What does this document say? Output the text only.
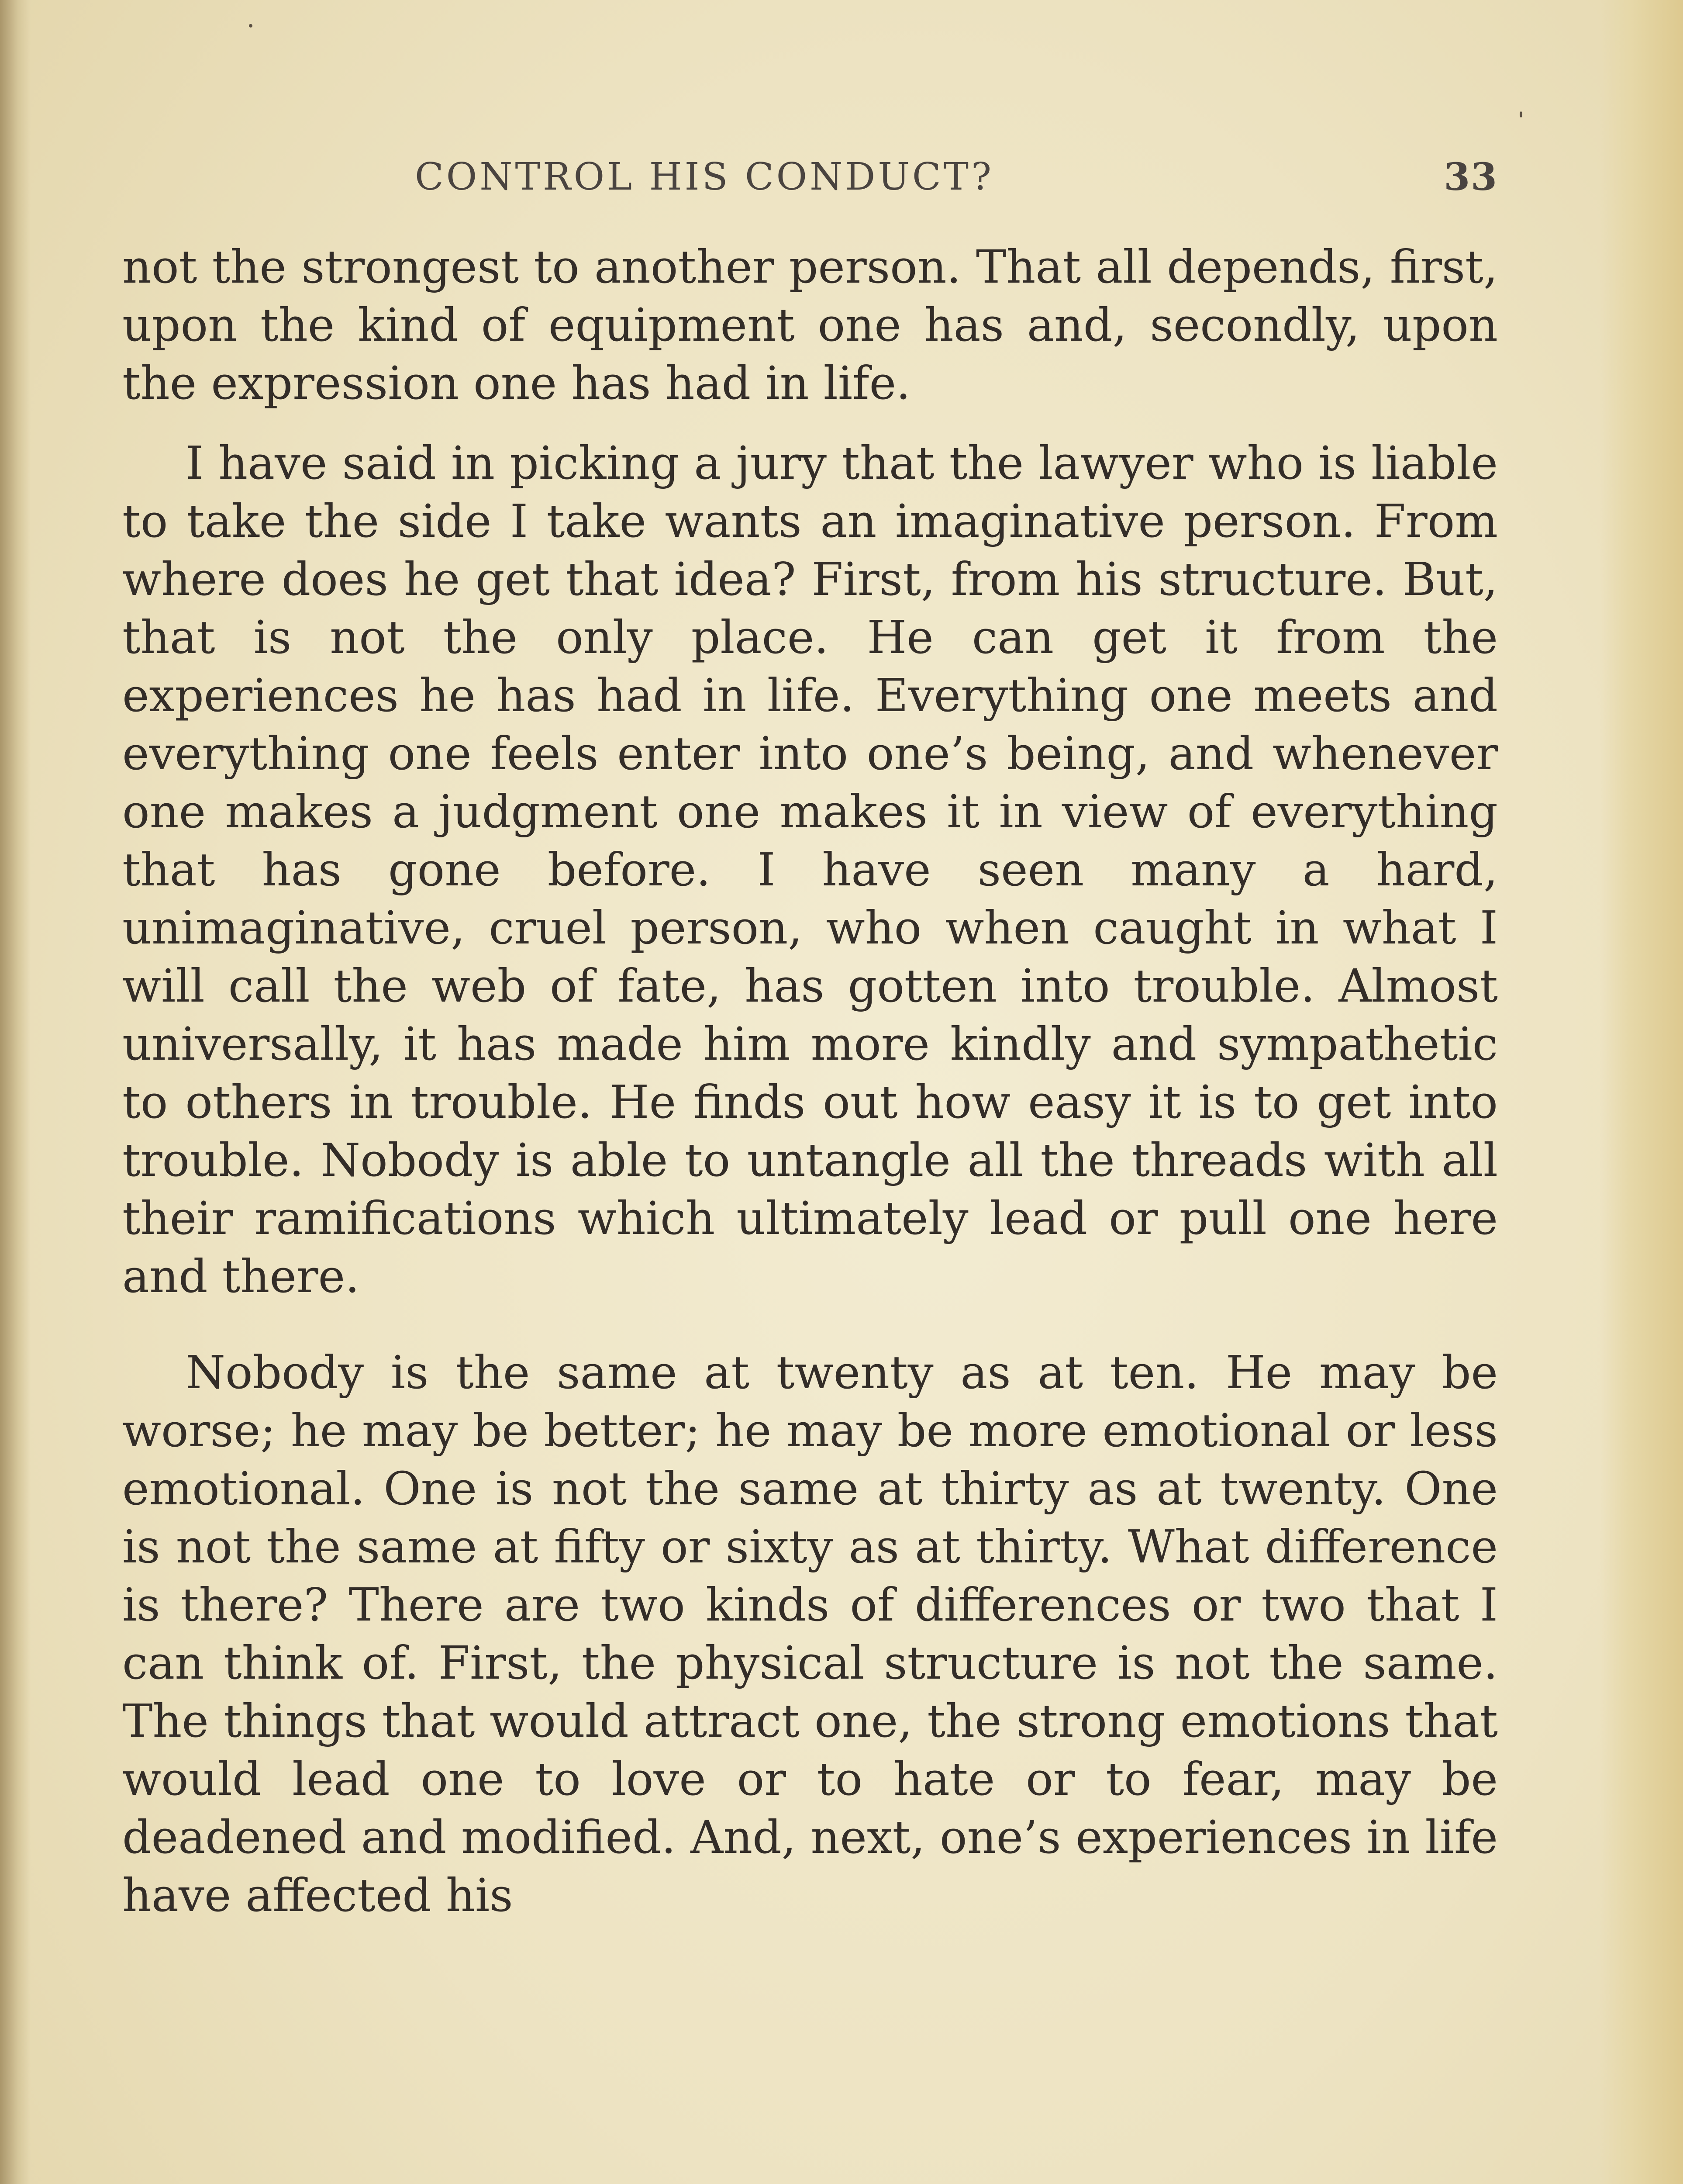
CONTROL HIS CONDUCT?	33

not the strongest to another person. That all depends, first, upon the kind of equipment one has and, secondly, upon the expression one has had in life.

I have said in picking a jury that the lawyer who is liable to take the side I take wants an imaginative person. From where does he get that idea? First, from his structure. But, that is not the only place. He can get it from the experiences he has had in life. Everything one meets and everything one feels enter into one’s being, and whenever one makes a judgment one makes it in view of everything that has gone before. I have seen many a hard, unimaginative, cruel person, who when caught in what I will call the web of fate, has gotten into trouble. Almost universally, it has made him more kindly and sympathetic to others in trouble. He finds out how easy it is to get into trouble. Nobody is able to untangle all the threads with all their ramifications which ultimately lead or pull one here and there.

Nobody is the same at twenty as at ten. He may be worse; he may be better; he may be more emotional or less emotional. One is not the same at thirty as at twenty. One is not the same at fifty or sixty as at thirty. What difference is there? There are two kinds of differences or two that I can think of. First, the physical structure is not the same. The things that would attract one, the strong emotions that would lead one to love or to hate or to fear, may be deadened and modified. And, next, one’s experiences in life have affected his
